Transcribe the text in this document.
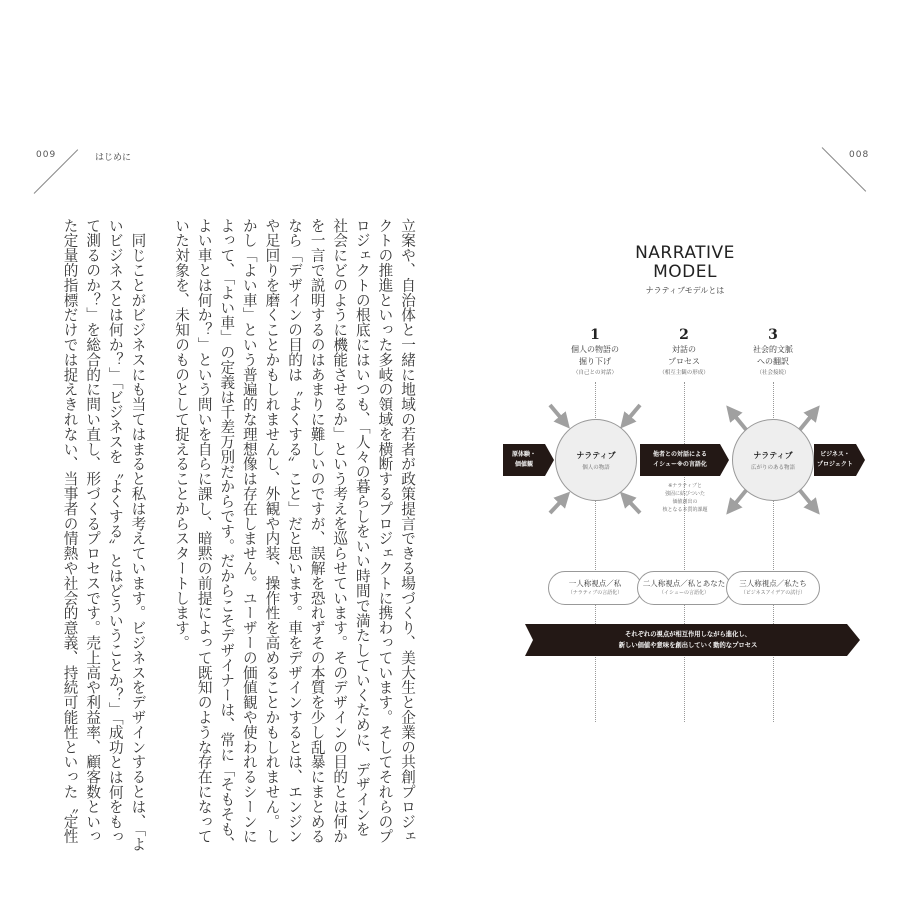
009	はじめに	008
立案や、自治体と一緒に地域の若者が政策提言できる場づくり、美大生と企業の共創プロジェ
クトの推進といった多岐の領域を横断するプロジェクトに携わっています。そしてそれらのプ
ロジェクトの根底にはいつも、「人々の暮らしをいい時間で満たしていくために、デザインを
社会にどのように機能させるか」という考えを巡らせています。そのデザインの目的とは何か
を一言で説明するのはあまりに難しいのですが、誤解を恐れずその本質を少し乱暴にまとめる
なら「デザインの目的は〝よくする〟こと」だと思います。車をデザインするとは、エンジン
や足回りを磨くことかもしれませんし、外観や内装、操作性を高めることかもしれません。し
かし「よい車」という普遍的な理想像は存在しません。ユーザーの価値観や使われるシーンに
よって、「よい車」の定義は千差万別だからです。だからこそデザイナーは、常に「そもそも、
よい車とは何か？」という問いを自らに課し、暗黙の前提によって既知のような存在になって
いた対象を、未知のものとして捉えることからスタートします。
　同じことがビジネスにも当てはまると私は考えています。ビジネスをデザインするとは、「よ
いビジネスとは何か？」「ビジネスを〝よくする〟とはどういうことか？」「成功とは何をもっ
て測るのか？」を総合的に問い直し、形づくるプロセスです。売上高や利益率、顧客数といっ
た定量的指標だけでは捉えきれない、当事者の情熱や社会的意義、持続可能性といった〝定性	NARRATIVE
MODEL
ナラティブモデルとは
1
個人の物語の
掘り下げ
（自己との対話）
2
対話の
プロセス
（相互主観の形成）
3
社会的文脈
への翻訳
（社会接続）
ナラティブ
個人の物語
ナラティブ
広がりのある物語
原体験・
価値観
他者との対話による
イシュー※の言語化
ビジネス・
プロジェクト
※ナラティブと
強固に結びついた
価値創出の
核となる本質的課題
一人称視点／私
（ナラティブの言語化）
二人称視点／私とあなた
（イシューの言語化）
三人称視点／私たち
（ビジネスアイデアの試行）
それぞれの視点が相互作用しながら進化し、
新しい価値や意味を創出していく動的なプロセス
